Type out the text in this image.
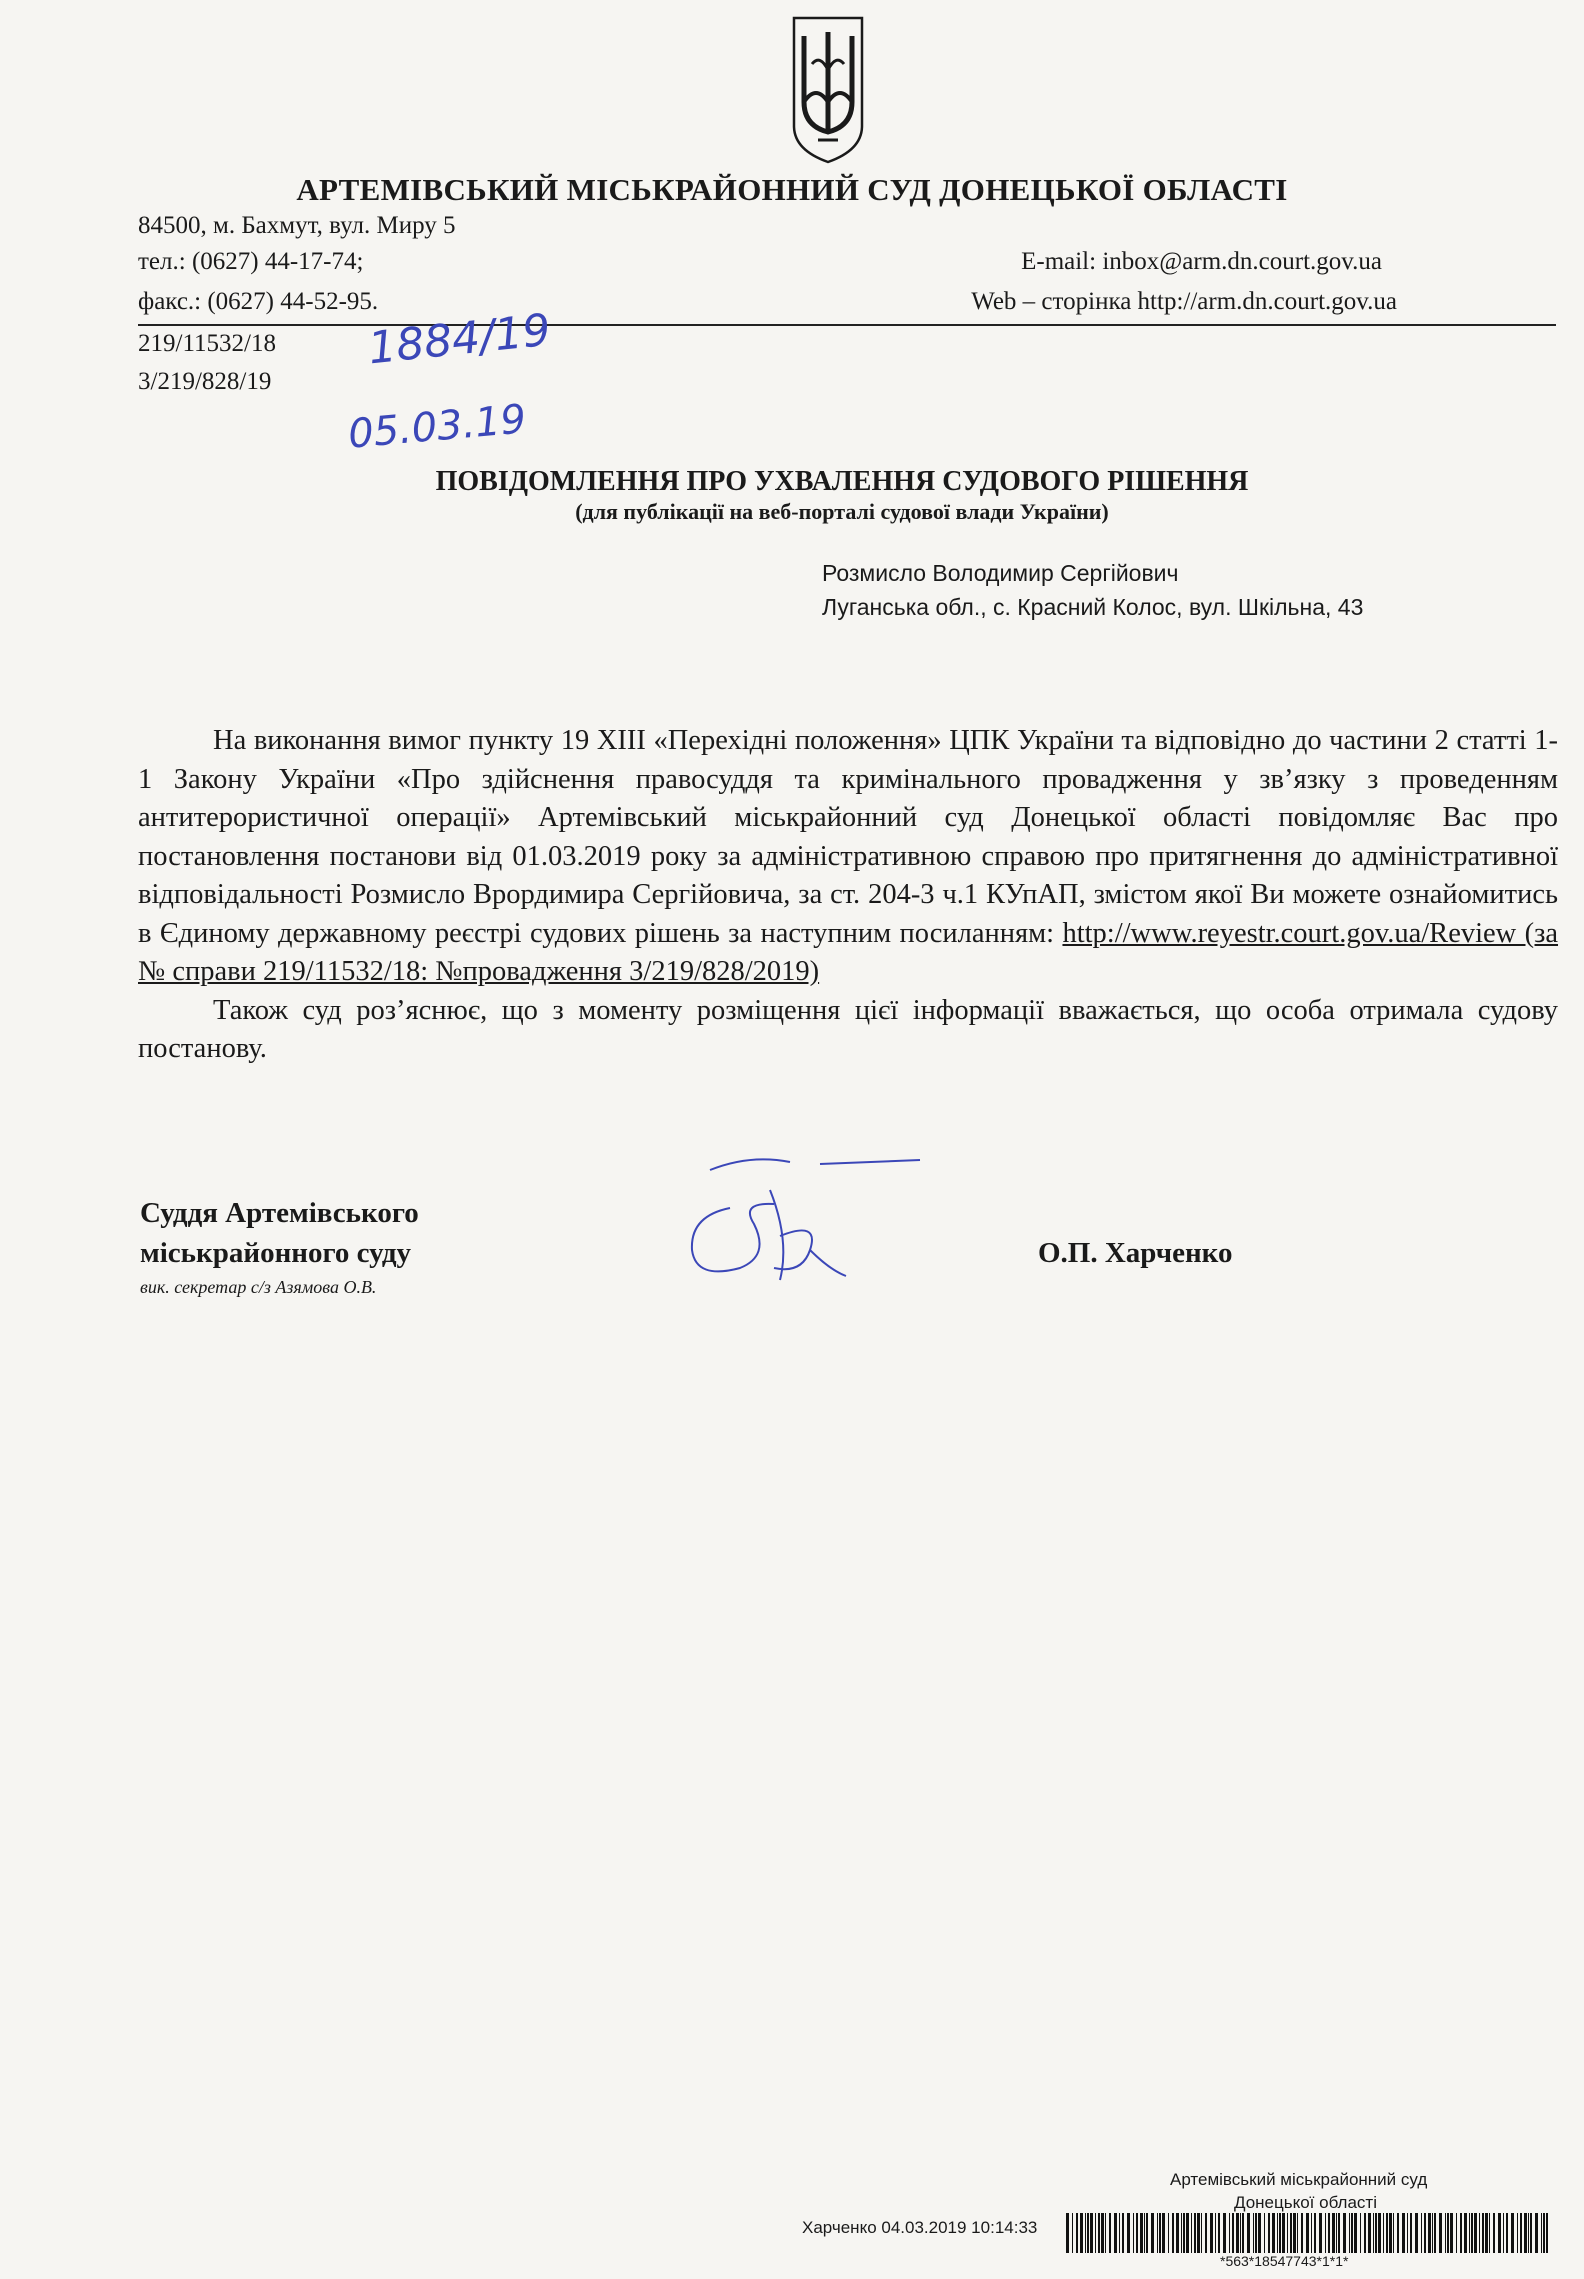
АРТЕМІВСЬКИЙ МІСЬКРАЙОННИЙ СУД ДОНЕЦЬКОЇ ОБЛАСТІ
84500, м. Бахмут, вул. Миру 5
тел.: (0627) 44-17-74;
факс.: (0627) 44-52-95.
E-mail: inbox@arm.dn.court.gov.ua
Web – сторінка http://arm.dn.court.gov.ua
219/11532/18
3/219/828/19
1884/19
05.03.19
ПОВІДОМЛЕННЯ ПРО УХВАЛЕННЯ СУДОВОГО РІШЕННЯ
(для публікації на веб-порталі судової влади України)
Розмисло Володимир Сергійович
Луганська обл., с. Красний Колос, вул. Шкільна, 43

На виконання вимог пункту 19 XIII «Перехідні положення» ЦПК України та відповідно до частини 2 статті 1-1 Закону України «Про здійснення правосуддя та кримінального провадження у зв’язку з проведенням антитерористичної операції» Артемівський міськрайонний суд Донецької області повідомляє Вас про постановлення постанови від 01.03.2019 року за адміністративною справою про притягнення до адміністративної відповідальності Розмисло Врордимира Сергійовича, за ст. 204-3 ч.1 КУпАП, змістом якої Ви можете ознайомитись в Єдиному державному реєстрі судових рішень за наступним посиланням: http://www.reyestr.court.gov.ua/Review (за № справи 219/11532/18: №провадження 3/219/828/2019)

Також суд роз’яснює, що з моменту розміщення цієї інформації вважається, що особа отримала судову постанову.

Суддя Артемівського
міськрайонного суду
вик. секретар с/з Азямова О.В.
О.П. Харченко
Артемівський міськрайонний суд
Донецької області
Харченко 04.03.2019 10:14:33
*563*18547743*1*1*
